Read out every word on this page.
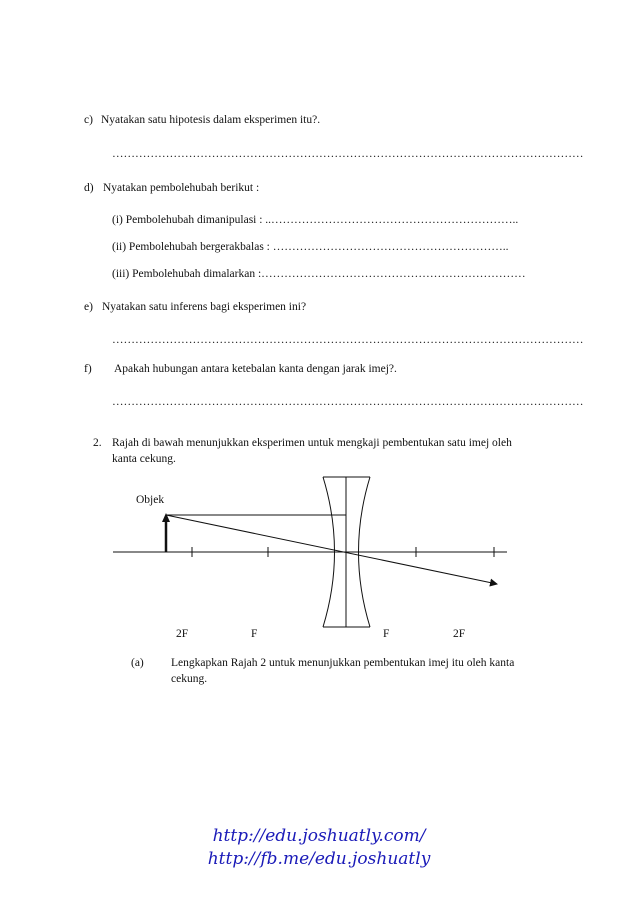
c) Nyatakan satu hipotesis dalam eksperimen itu?.
……………………………………………………………………………………………………………
d) Nyatakan pembolehubah berikut :
(i) Pembolehubah dimanipulasi : ..………………………………………………………..
(ii) Pembolehubah bergerakbalas : ……………………………………………………..
(iii) Pembolehubah dimalarkan :……………………………………………………………
e) Nyatakan satu inferens bagi eksperimen ini?
……………………………………………………………………………………………………………
f) Apakah hubungan antara ketebalan kanta dengan jarak imej?.
……………………………………………………………………………………………………………
2. Rajah di bawah menunjukkan eksperimen untuk mengkaji pembentukan satu imej oleh
kanta cekung.
Objek
2F	F	F	2F
(a) Lengkapkan Rajah 2 untuk menunjukkan pembentukan imej itu oleh kanta
cekung.
http://edu.joshuatly.com/
http://fb.me/edu.joshuatly
